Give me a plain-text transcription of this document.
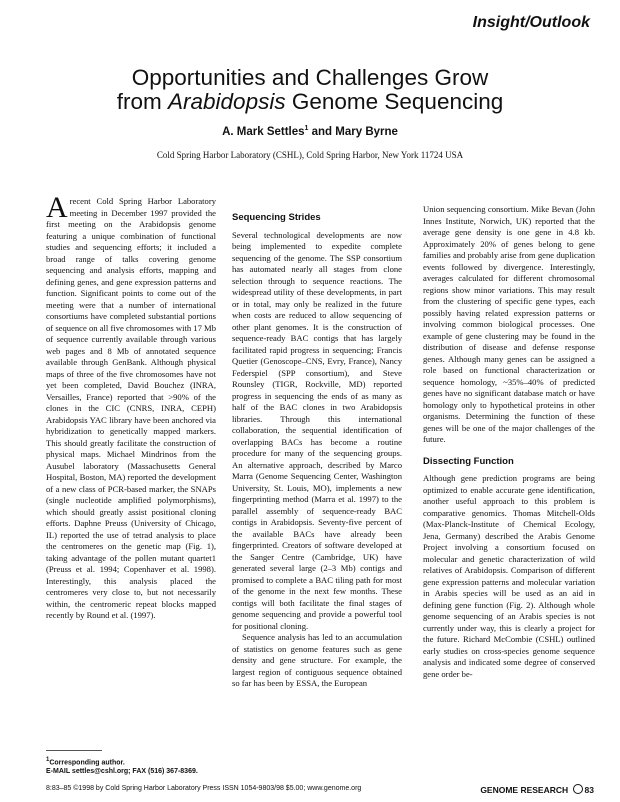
Insight/Outlook
Opportunities and Challenges Grow
from Arabidopsis Genome Sequencing
A. Mark Settles$^1$ and Mary Byrne
Cold Spring Harbor Laboratory (CSHL), Cold Spring Harbor, New York 11724 USA

Arecent Cold Spring Harbor Laboratory meeting in December 1997 provided the first meeting on the Arabidopsis genome featuring a unique combination of functional studies and sequencing efforts; it included a broad range of talks covering genome sequencing and analysis efforts, mapping and defining genes, and gene expression patterns and function. Significant points to come out of the meeting were that a number of international consortiums have completed substantial portions of sequence on all five chromosomes with 17 Mb of sequence currently available through various web pages and 8 Mb of annotated sequence available through GenBank. Although physical maps of three of the five chromosomes have not yet been completed, David Bouchez (INRA, Versailles, France) reported that >90% of the clones in the CIC (CNRS, INRA, CEPH) Arabidopsis YAC library have been anchored via hybridization to genetically mapped markers. This should greatly facilitate the construction of physical maps. Michael Mindrinos from the Ausubel laboratory (Massachusetts General Hospital, Boston, MA) reported the development of a new class of PCR-based marker, the SNAPs (single nucleotide amplified polymorphisms), which should greatly assist positional cloning efforts. Daphne Preuss (University of Chicago, IL) reported the use of tetrad analysis to place the centromeres on the genetic map (Fig. 1), taking advantage of the pollen mutant quartet1 (Preuss et al. 1994; Copenhaver et al. 1998). Interestingly, this analysis placed the centromeres very close to, but not necessarily within, the centromeric repeat blocks mapped recently by Round et al. (1997).

Sequencing Strides

Several technological developments are now being implemented to expedite complete sequencing of the genome. The SSP consortium has automated nearly all stages from clone selection through to sequence reactions. The widespread utility of these developments, in part or in total, may only be realized in the future when costs are reduced to allow sequencing of other plant genomes. It is the construction of sequence-ready BAC contigs that has largely facilitated rapid progress in sequencing; Francis Quetier (Genoscope–CNS, Evry, France), Nancy Federspiel (SPP consortium), and Steve Rounsley (TIGR, Rockville, MD) reported progress in sequencing the ends of as many as half of the BAC clones in two Arabidopsis libraries. Through this international collaboration, the sequential identification of overlapping BACs has become a routine procedure for many of the sequencing groups. An alternative approach, described by Marco Marra (Genome Sequencing Center, Washington University, St. Louis, MO), implements a new fingerprinting method (Marra et al. 1997) to the parallel assembly of sequence-ready BAC contigs in Arabidopsis. Seventy-five percent of the available BACs have already been fingerprinted. Creators of software developed at the Sanger Centre (Cambridge, UK) have generated several large (2–3 Mb) contigs and promised to complete a BAC tiling path for most of the genome in the next few months. These contigs will both facilitate the final stages of genome sequencing and provide a powerful tool for positional cloning.

Sequence analysis has led to an accumulation of statistics on genome features such as gene density and gene structure. For example, the largest region of contiguous sequence obtained so far has been by ESSA, the European

Union sequencing consortium. Mike Bevan (John Innes Institute, Norwich, UK) reported that the average gene density is one gene in 4.8 kb. Approximately 20% of genes belong to gene families and probably arise from gene duplication events followed by divergence. Interestingly, averages calculated for different chromosomal regions show minor variations. This may result from the clustering of specific gene types, each possibly having related expression patterns or involving common biological processes. One example of gene clustering may be found in the distribution of disease and defense response genes. Although many genes can be assigned a role based on functional characterization or sequence homology, ~35%–40% of predicted genes have no significant database match or have homology only to hypothetical proteins in other organisms. Determining the function of these genes will be one of the major challenges of the future.

Dissecting Function

Although gene prediction programs are being optimized to enable accurate gene identification, another useful approach to this problem is comparative genomics. Thomas Mitchell-Olds (Max-Planck-Institute of Chemical Ecology, Jena, Germany) described the Arabis Genome Project involving a consortium focused on molecular and genetic characterization of wild relatives of Arabidopsis. Comparison of different gene expression patterns and molecular variation in Arabis species will be used as an aid in defining gene function (Fig. 2). Although whole genome sequencing of an Arabis species is not currently under way, this is clearly a project for the future. Richard McCombie (CSHL) outlined early studies on cross-species genome sequence analysis and indicated some degree of conserved gene order be-

$^1$Corresponding author.
E-MAIL settles@cshl.org; FAX (516) 367-8369.
8:83–85 ©1998 by Cold Spring Harbor Laboratory Press ISSN 1054-9803/98 $5.00; www.genome.org	GENOME RESEARCH 83
